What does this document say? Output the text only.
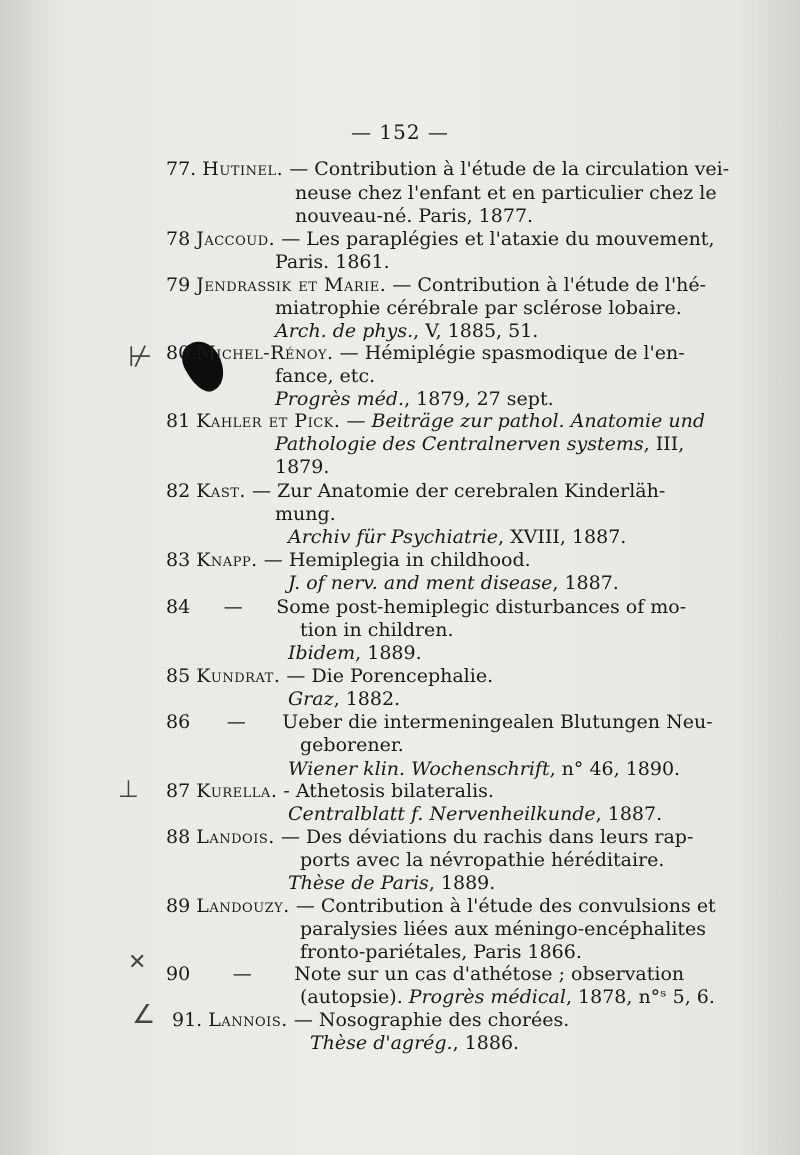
— 152 —
⊬
⊥
✕
∠
77. Hutinel. — Contribution à l'étude de la circulation vei-
neuse chez l'enfant et en particulier chez le
nouveau-né. Paris, 1877.
78 Jaccoud. — Les paraplégies et l'ataxie du mouvement,
Paris. 1861.
79 Jendrassik et Marie. — Contribution à l'étude de l'hé-
miatrophie cérébrale par sclérose lobaire.
Arch. de phys., V, 1885, 51.
80 Michel-Rénoy. — Hémiplégie spasmodique de l'en-
fance, etc.
Progrès méd., 1879, 27 sept.
81 Kahler et Pick. — Beiträge zur pathol. Anatomie und
Pathologie des Centralnerven systems, III,
1879.
82 Kast. — Zur Anatomie der cerebralen Kinderläh-
mung.
Archiv für Psychiatrie, XVIII, 1887.
83 Knapp. — Hemiplegia in childhood.
J. of nerv. and ment disease, 1887.
84 — Some post-hemiplegic disturbances of mo-
tion in children.
Ibidem, 1889.
85 Kundrat. — Die Porencephalie.
Graz, 1882.
86 — Ueber die intermeningealen Blutungen Neu-
geborener.
Wiener klin. Wochenschrift, n° 46, 1890.
87 Kurella. - Athetosis bilateralis.
Centralblatt f. Nervenheilkunde, 1887.
88 Landois. — Des déviations du rachis dans leurs rap-
ports avec la névropathie héréditaire.
Thèse de Paris, 1889.
89 Landouzy. — Contribution à l'étude des convulsions et
paralysies liées aux méningo-encéphalites
fronto-pariétales, Paris 1866.
90 — Note sur un cas d'athétose ; observation
(autopsie). Progrès médical, 1878, n°ˢ 5, 6.
91. Lannois. — Nosographie des chorées.
Thèse d'agrég., 1886.
